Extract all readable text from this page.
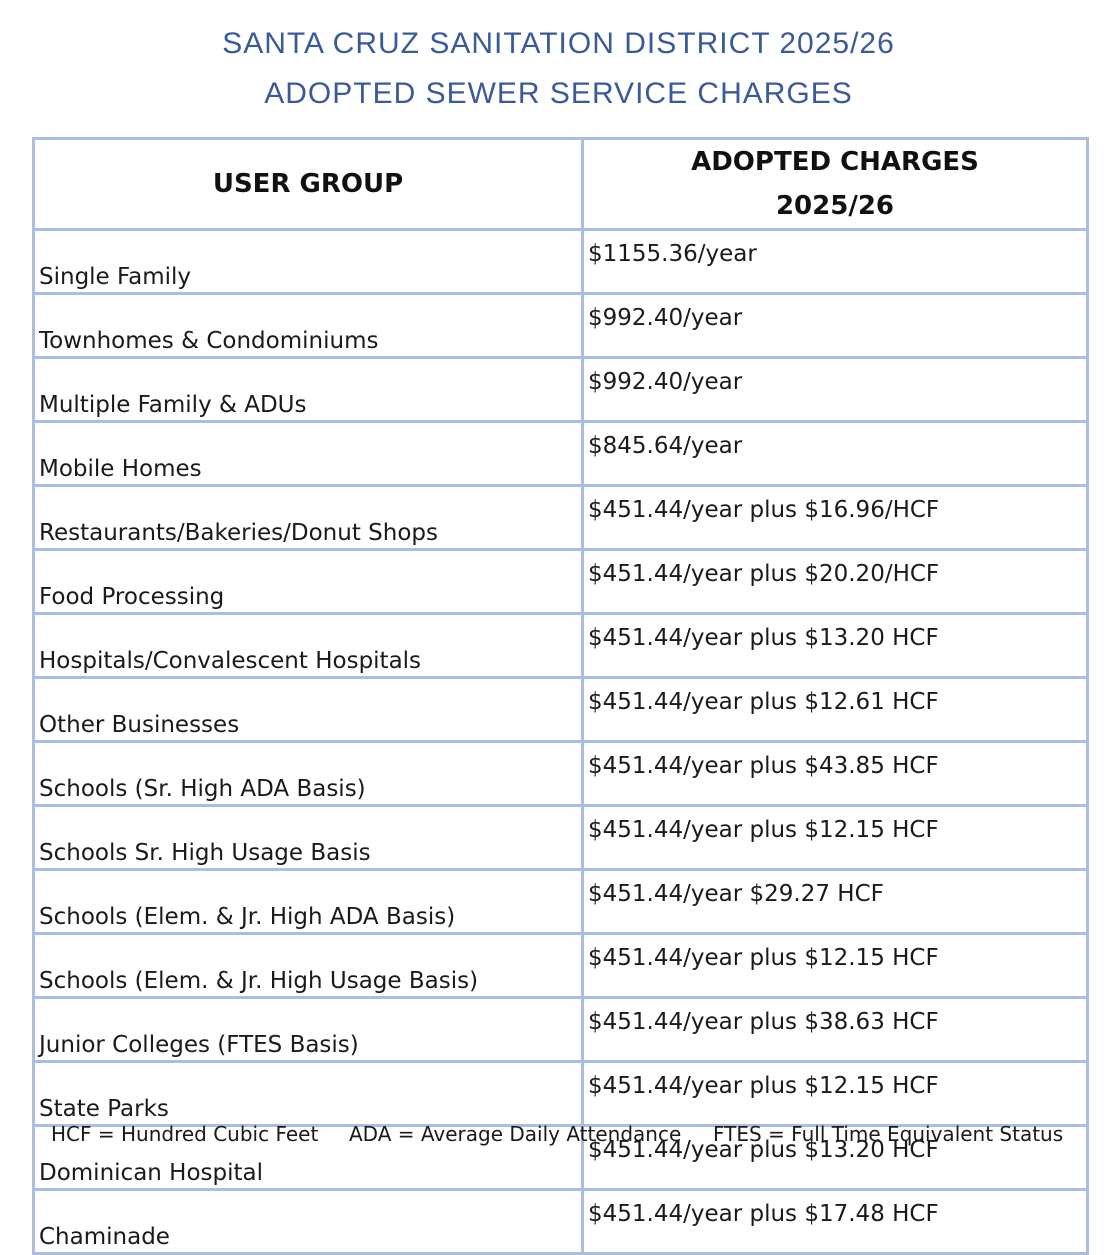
SANTA CRUZ SANITATION DISTRICT 2025/26
ADOPTED SEWER SERVICE CHARGES
USER GROUP	ADOPTED CHARGES
2025/26

Single Family	$1155.36/year
Townhomes & Condominiums	$992.40/year
Multiple Family & ADUs	$992.40/year
Mobile Homes	$845.64/year
Restaurants/Bakeries/Donut Shops	$451.44/year plus $16.96/HCF
Food Processing	$451.44/year plus $20.20/HCF
Hospitals/Convalescent Hospitals	$451.44/year plus $13.20 HCF
Other Businesses	$451.44/year plus $12.61 HCF
Schools (Sr. High ADA Basis)	$451.44/year plus $43.85 HCF
Schools Sr. High Usage Basis	$451.44/year plus $12.15 HCF
Schools (Elem. & Jr. High ADA Basis)	$451.44/year $29.27 HCF
Schools (Elem. & Jr. High Usage Basis)	$451.44/year plus $12.15 HCF
Junior Colleges (FTES Basis)	$451.44/year plus $38.63 HCF
State Parks	$451.44/year plus $12.15 HCF
Dominican Hospital	$451.44/year plus $13.20 HCF
Chaminade	$451.44/year plus $17.48 HCF
HCF = Hundred Cubic Feet ADA = Average Daily Attendance FTES = Full Time Equivalent Status
